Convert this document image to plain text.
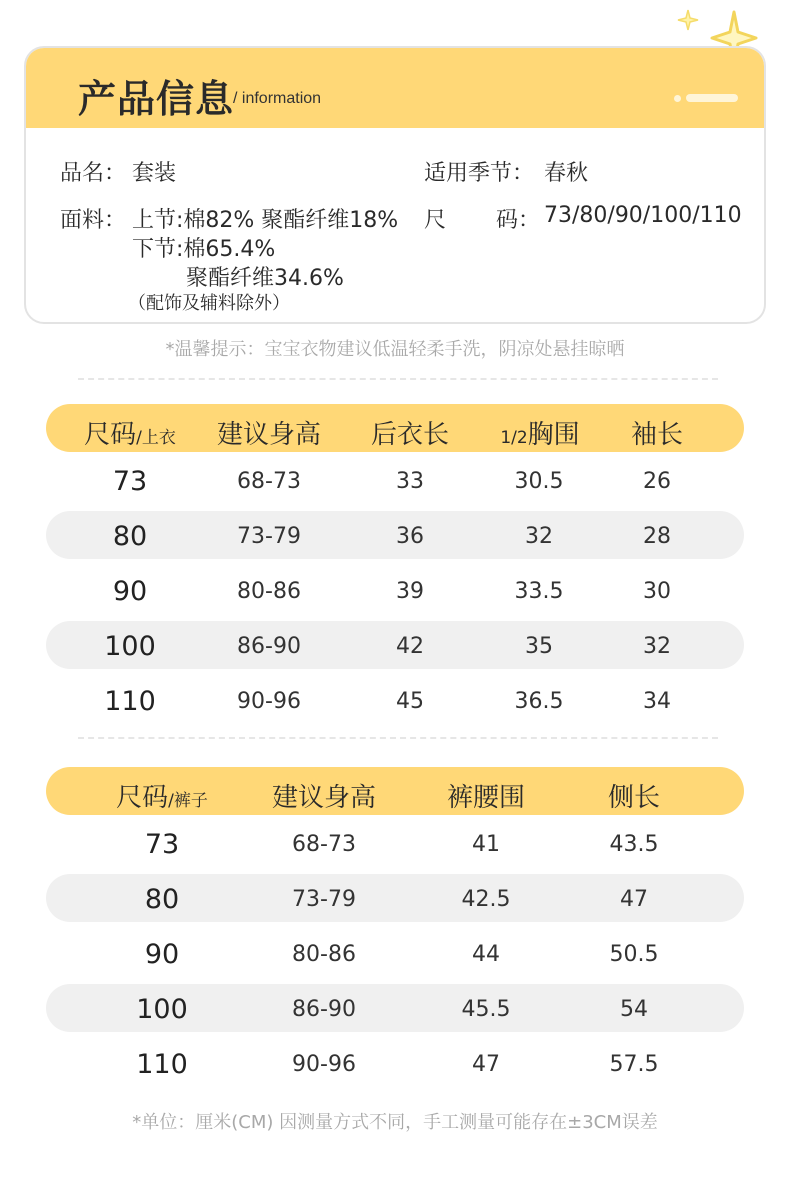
产品信息
/ information
品名： 套装	适用季节： 春秋
面料： 上节:棉82% 聚酯纤维18% 尺 码： 73/80/90/100/110
下节:棉65.4%
聚酯纤维34.6%
（配饰及辅料除外）
*温馨提示：宝宝衣物建议低温轻柔手洗，阴凉处悬挂晾晒
尺码/上衣 建议身高 后衣长	1/2胸围 袖长
73	68-73	33	30.5	26
80	73-79	36	32	28
90	80-86	39	33.5	30
100	86-90	42	35	32
110	90-96	45	36.5	34
尺码/裤子 建议身高	裤腰围	侧长
73	68-73	41	43.5
80	73-79	42.5	47
90	80-86	44	50.5
100	86-90	45.5	54
110	90-96	47	57.5
*单位：厘米(CM) 因测量方式不同，手工测量可能存在±3CM误差
